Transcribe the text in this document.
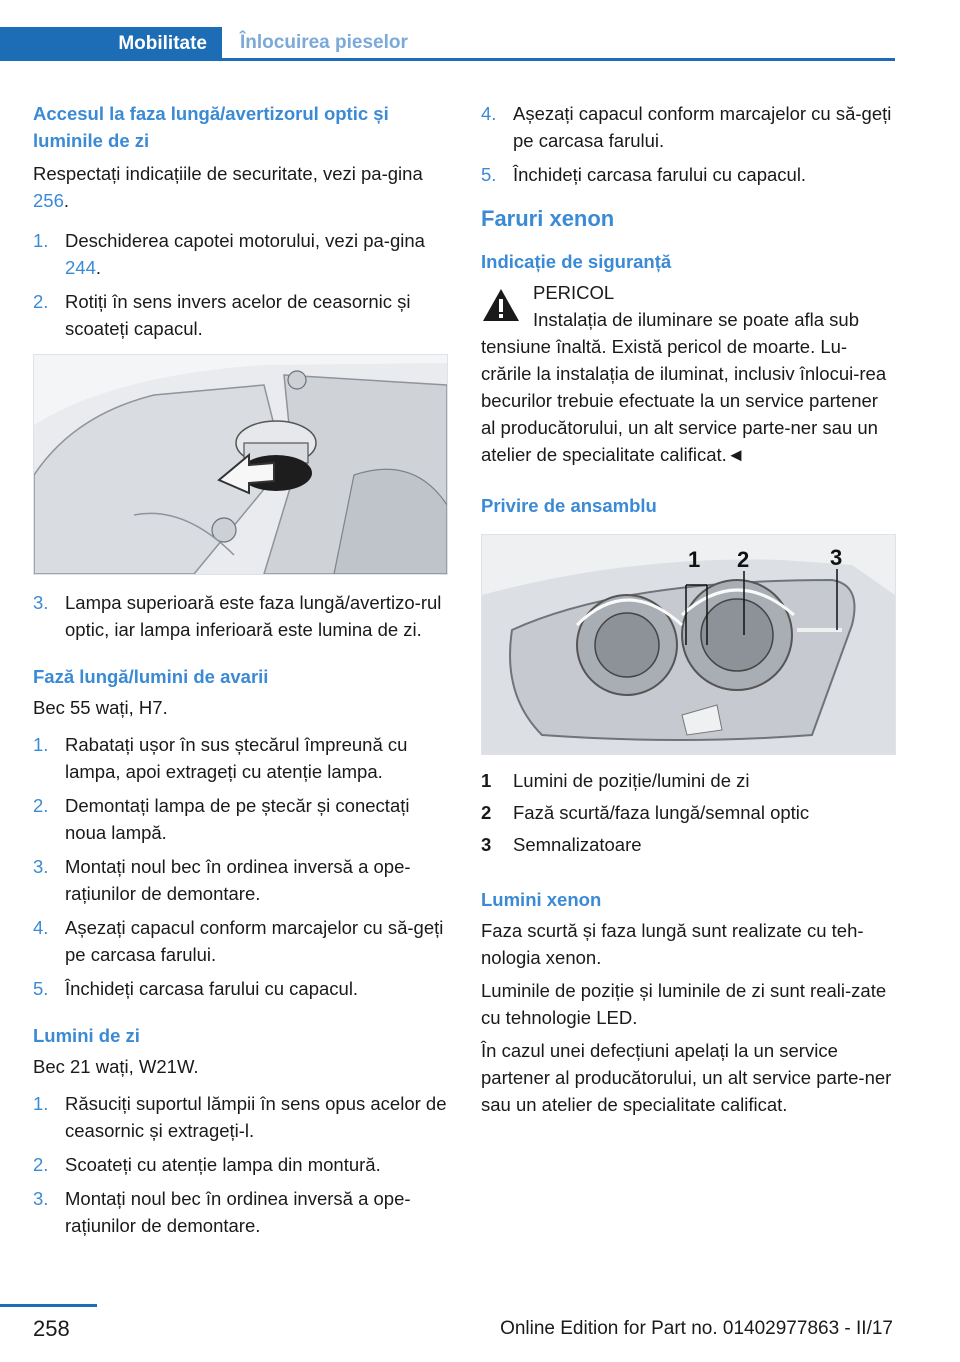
Mobilitate	Înlocuirea pieselor
Accesul la faza lungă/avertizorul optic și luminile de zi

Respectați indicațiile de securitate, vezi pa‐gina 256.

1. Deschiderea capotei motorului, vezi pa‐gina 244.
2. Rotiți în sens invers acelor de ceasornic și scoateți capacul.
3. Lampa superioară este faza lungă/avertizo‐rul optic, iar lampa inferioară este lumina de zi.
Fază lungă/lumini de avarii

Bec 55 wați, H7.

1. Rabatați ușor în sus ștecărul împreună cu lampa, apoi extrageți cu atenție lampa.
2. Demontați lampa de pe ștecăr și conectați noua lampă.
3. Montați noul bec în ordinea inversă a ope‐rațiunilor de demontare.
4. Așezați capacul conform marcajelor cu să‐geți pe carcasa farului.
5. Închideți carcasa farului cu capacul.
Lumini de zi

Bec 21 wați, W21W.

1. Răsuciți suportul lămpii în sens opus acelor de ceasornic și extrageți-l.
2. Scoateți cu atenție lampa din montură.
3. Montați noul bec în ordinea inversă a ope‐rațiunilor de demontare.
4. Așezați capacul conform marcajelor cu să‐geți pe carcasa farului.
5. Închideți carcasa farului cu capacul.
Faruri xenon
Indicație de siguranță
PERICOL
Instalația de iluminare se poate afla sub

tensiune înaltă. Există pericol de moarte. Lu‐crările la instalația de iluminat, inclusiv înlocui‐rea becurilor trebuie efectuate la un service partener al producătorului, un alt service parte‐ner sau un atelier de specialitate calificat.◄

Privire de ansamblu
1 2	3
1 Lumini de poziție/lumini de zi
2 Fază scurtă/faza lungă/semnal optic
3 Semnalizatoare
Lumini xenon

Faza scurtă și faza lungă sunt realizate cu teh‐nologia xenon.

Luminile de poziție și luminile de zi sunt reali‐zate cu tehnologie LED.

În cazul unei defecțiuni apelați la un service partener al producătorului, un alt service parte‐ner sau un atelier de specialitate calificat.

258	Online Edition for Part no. 01402977863 - II/17
